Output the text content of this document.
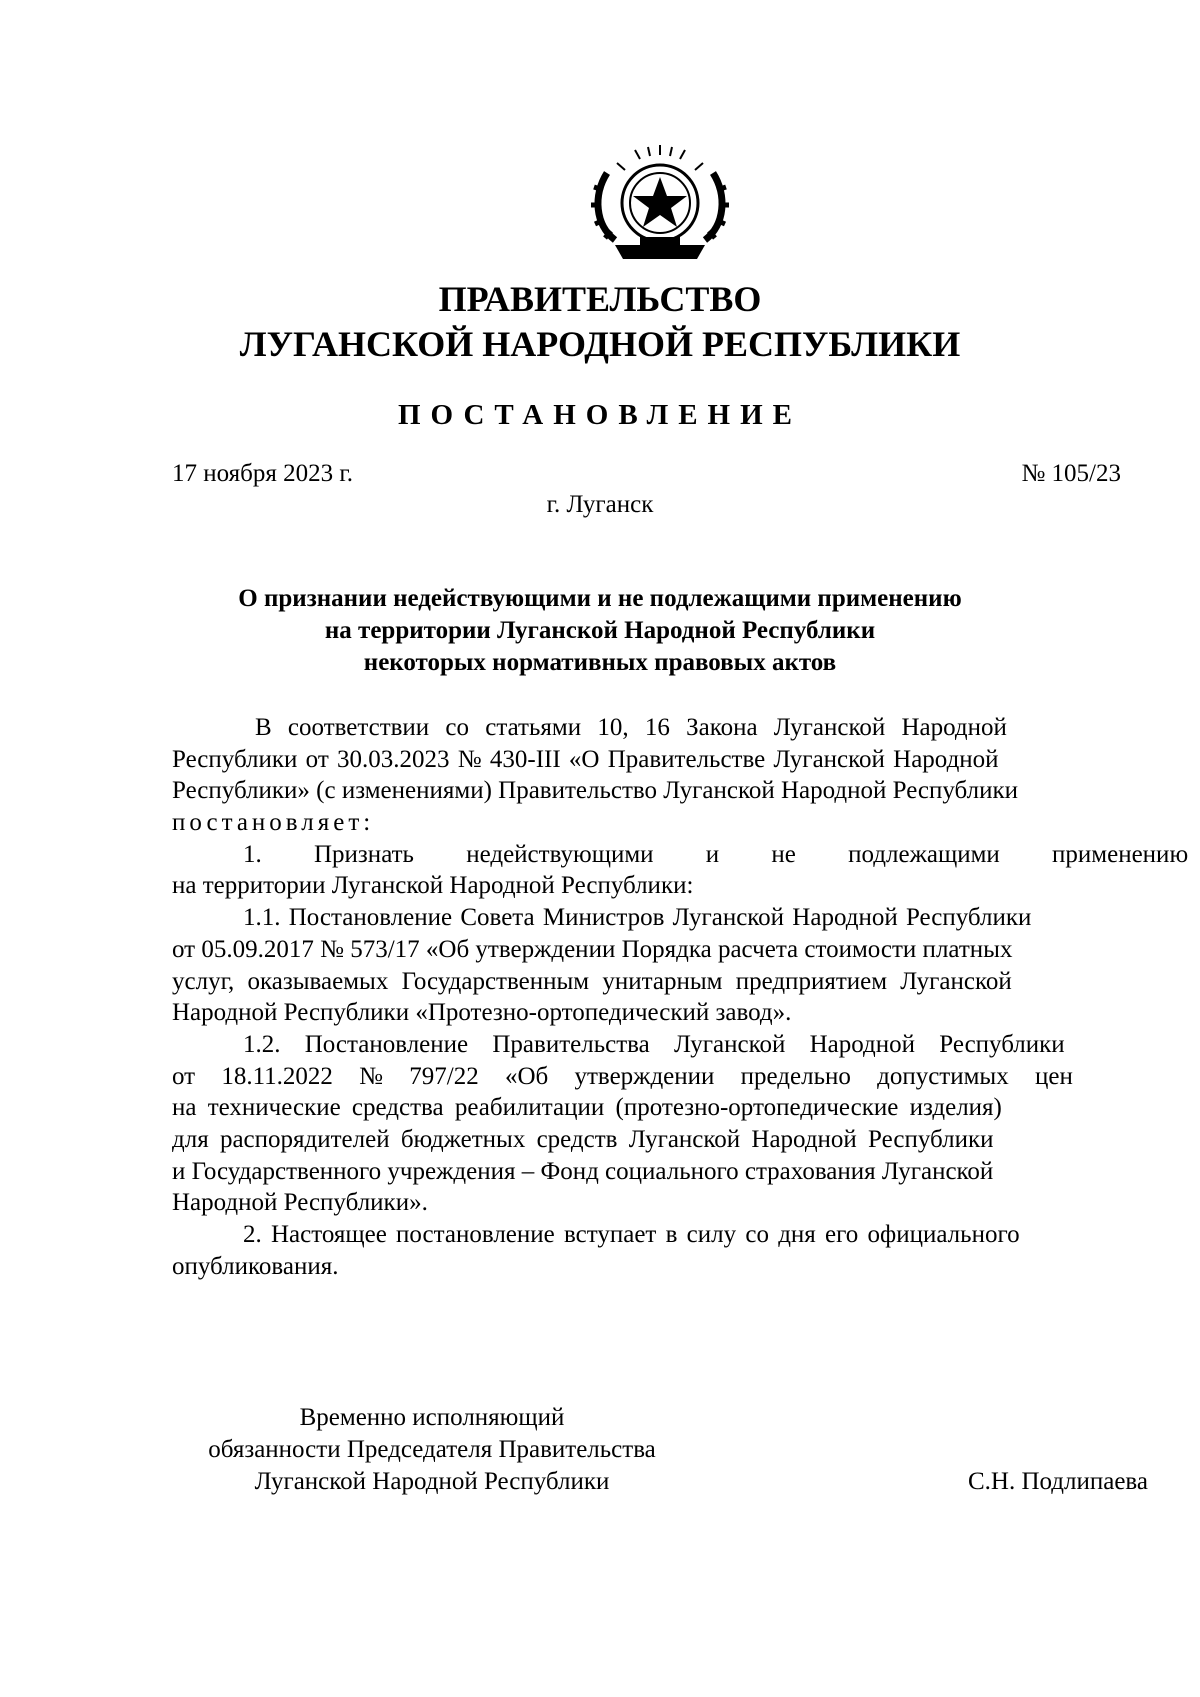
ПРАВИТЕЛЬСТВО
ЛУГАНСКОЙ НАРОДНОЙ РЕСПУБЛИКИ
ПОСТАНОВЛЕНИЕ
17 ноября 2023 г.	№ 105/23
г. Луганск
О признании недействующими и не подлежащими применению
на территории Луганской Народной Республики
некоторых нормативных правовых актов
В соответствии со статьями 10, 16 Закона Луганской Народной
Республики от 30.03.2023 № 430-III «О Правительстве Луганской Народной
Республики» (с изменениями) Правительство Луганской Народной Республики
постановляет:
1. Признать недействующими и не подлежащими применению
на территории Луганской Народной Республики:
1.1. Постановление Совета Министров Луганской Народной Республики
от 05.09.2017 № 573/17 «Об утверждении Порядка расчета стоимости платных
услуг, оказываемых Государственным унитарным предприятием Луганской
Народной Республики «Протезно-ортопедический завод».
1.2. Постановление Правительства Луганской Народной Республики
от 18.11.2022 № 797/22 «Об утверждении предельно допустимых цен
на технические средства реабилитации (протезно-ортопедические изделия)
для распорядителей бюджетных средств Луганской Народной Республики
и Государственного учреждения – Фонд социального страхования Луганской
Народной Республики».
2. Настоящее постановление вступает в силу со дня его официального
опубликования.
Временно исполняющий
обязанности Председателя Правительства
Луганской Народной Республики	С.Н. Подлипаева
